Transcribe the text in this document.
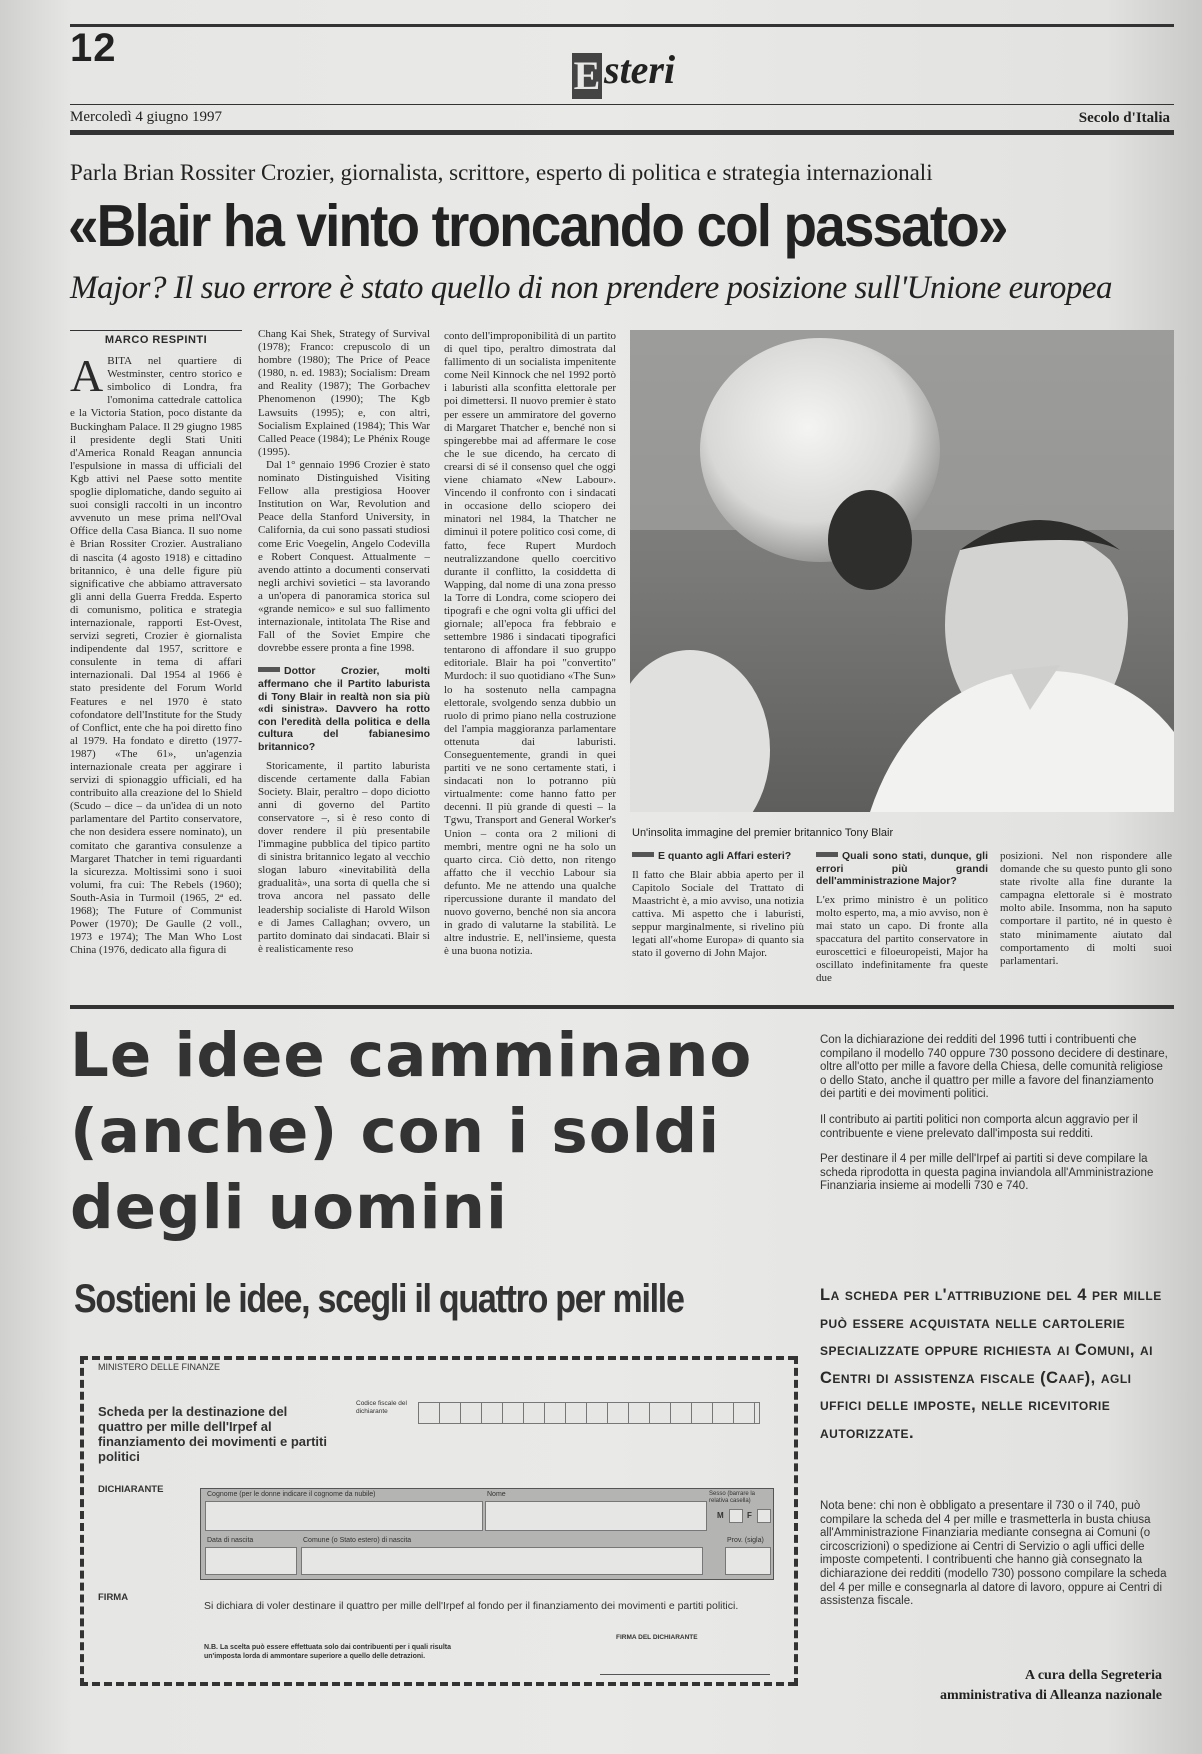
12
Esteri
Mercoledì 4 giugno 1997	Secolo d'Italia
Parla Brian Rossiter Crozier, giornalista, scrittore, esperto di politica e strategia internazionali
«Blair ha vinto troncando col passato»
Major? Il suo errore è stato quello di non prendere posizione sull'Unione europea
MARCO RESPINTI

ABITA nel quartiere di Westminster, centro storico e simbolico di Londra, fra l'omonima cattedrale cattolica e la Victoria Station, poco distante da Buckingham Palace. Il 29 giugno 1985 il presidente degli Stati Uniti d'America Ronald Reagan annuncia l'espulsione in massa di ufficiali del Kgb attivi nel Paese sotto mentite spoglie diplomatiche, dando seguito ai suoi consigli raccolti in un incontro avvenuto un mese prima nell'Oval Office della Casa Bianca. Il suo nome è Brian Rossiter Crozier. Australiano di nascita (4 agosto 1918) e cittadino britannico, è una delle figure più significative che abbiamo attraversato gli anni della Guerra Fredda. Esperto di comunismo, politica e strategia internazionale, rapporti Est-Ovest, servizi segreti, Crozier è giornalista indipendente dal 1957, scrittore e consulente in tema di affari internazionali. Dal 1954 al 1966 è stato presidente del Forum World Features e nel 1970 è stato cofondatore dell'Institute for the Study of Conflict, ente che ha poi diretto fino al 1979. Ha fondato e diretto (1977-1987) «The 61», un'agenzia internazionale creata per aggirare i servizi di spionaggio ufficiali, ed ha contribuito alla creazione del lo Shield (Scudo – dice – da un'idea di un noto parlamentare del Partito conservatore, che non desidera essere nominato), un comitato che garantiva consulenze a Margaret Thatcher in temi riguardanti la sicurezza. Moltissimi sono i suoi volumi, fra cui: The Rebels (1960); South-Asia in Turmoil (1965, 2ª ed. 1968); The Future of Communist Power (1970); De Gaulle (2 voll., 1973 e 1974); The Man Who Lost China (1976, dedicato alla figura di

Chang Kai Shek, Strategy of Survival (1978); Franco: crepuscolo di un hombre (1980); The Price of Peace (1980, n. ed. 1983); Socialism: Dream and Reality (1987); The Gorbachev Phenomenon (1990); The Kgb Lawsuits (1995); e, con altri, Socialism Explained (1984); This War Called Peace (1984); Le Phénix Rouge (1995).

Dal 1° gennaio 1996 Crozier è stato nominato Distinguished Visiting Fellow alla prestigiosa Hoover Institution on War, Revolution and Peace della Stanford University, in California, da cui sono passati studiosi come Eric Voegelin, Angelo Codevilla e Robert Conquest. Attualmente – avendo attinto a documenti conservati negli archivi sovietici – sta lavorando a un'opera di panoramica storica sul «grande nemico» e sul suo fallimento internazionale, intitolata The Rise and Fall of the Soviet Empire che dovrebbe essere pronta a fine 1998.

Dottor Crozier, molti affermano che il Partito laburista di Tony Blair in realtà non sia più «di sinistra». Davvero ha rotto con l'eredità della politica e della cultura del fabianesimo britannico?

Storicamente, il partito laburista discende certamente dalla Fabian Society. Blair, peraltro – dopo diciotto anni di governo del Partito conservatore –, si è reso conto di dover rendere il più presentabile l'immagine pubblica del tipico partito di sinistra britannico legato al vecchio slogan laburo «inevitabilità della gradualità», una sorta di quella che si trova ancora nel passato delle leadership socialiste di Harold Wilson e di James Callaghan; ovvero, un partito dominato dai sindacati. Blair si è realisticamente reso

conto dell'improponibilità di un partito di quel tipo, peraltro dimostrata dal fallimento di un socialista impenitente come Neil Kinnock che nel 1992 portò i laburisti alla sconfitta elettorale per poi dimettersi. Il nuovo premier è stato per essere un ammiratore del governo di Margaret Thatcher e, benché non si spingerebbe mai ad affermare le cose che le sue dicendo, ha cercato di crearsi di sé il consenso quel che oggi viene chiamato «New Labour». Vincendo il confronto con i sindacati in occasione dello sciopero dei minatori nel 1984, la Thatcher ne diminuì il potere politico così come, di fatto, fece Rupert Murdoch neutralizzandone quello coercitivo durante il conflitto, la cosiddetta di Wapping, dal nome di una zona presso la Torre di Londra, come sciopero dei tipografi e che ogni volta gli uffici del giornale; all'epoca fra febbraio e settembre 1986 i sindacati tipografici tentarono di affondare il suo gruppo editoriale. Blair ha poi "convertito" Murdoch: il suo quotidiano «The Sun» lo ha sostenuto nella campagna elettorale, svolgendo senza dubbio un ruolo di primo piano nella costruzione del l'ampia maggioranza parlamentare ottenuta dai laburisti. Conseguentemente, grandi in quei partiti ve ne sono certamente stati, i sindacati non lo potranno più virtualmente: come hanno fatto per decenni. Il più grande di questi – la Tgwu, Transport and General Worker's Union – conta ora 2 milioni di membri, mentre ogni ne ha solo un quarto circa. Ciò detto, non ritengo affatto che il vecchio Labour sia defunto. Me ne attendo una qualche ripercussione durante il mandato del nuovo governo, benché non sia ancora in grado di valutarne la stabilità. Le altre industrie. E, nell'insieme, questa è una buona notizia.

Un'insolita immagine del premier britannico Tony Blair
E quanto agli Affari esteri?

Il fatto che Blair abbia aperto per il Capitolo Sociale del Trattato di Maastricht è, a mio avviso, una notizia cattiva. Mi aspetto che i laburisti, seppur marginalmente, si rivelino più legati all'«home Europa» di quanto sia stato il governo di John Major.

Quali sono stati, dunque, gli errori più grandi dell'amministrazione Major?

L'ex primo ministro è un politico molto esperto, ma, a mio avviso, non è mai stato un capo. Di fronte alla spaccatura del partito conservatore in euroscettici e filoeuropeisti, Major ha oscillato indefinitamente fra queste due

posizioni. Nel non rispondere alle domande che su questo punto gli sono state rivolte alla fine durante la campagna elettorale si è mostrato molto abile. Insomma, non ha saputo comportare il partito, né in questo è stato minimamente aiutato dal comportamento di molti suoi parlamentari.

Le idee camminano
(anche) con i soldi
degli uomini
Sostieni le idee, scegli il quattro per mille

Con la dichiarazione dei redditi del 1996 tutti i contribuenti che compilano il modello 740 oppure 730 possono decidere di destinare, oltre all'otto per mille a favore della Chiesa, delle comunità religiose o dello Stato, anche il quattro per mille a favore del finanziamento dei partiti e dei movimenti politici.

Il contributo ai partiti politici non comporta alcun aggravio per il contribuente e viene prelevato dall'imposta sui redditi.

Per destinare il 4 per mille dell'Irpef ai partiti si deve compilare la scheda riprodotta in questa pagina inviandola all'Amministrazione Finanziaria insieme ai modelli 730 e 740.

La scheda per l'attribuzione del 4 per mille può essere acquistata nelle cartolerie specializzate oppure richiesta ai Comuni, ai Centri di assistenza fiscale (Caaf), agli uffici delle imposte, nelle ricevitorie autorizzate.

Nota bene: chi non è obbligato a presentare il 730 o il 740, può compilare la scheda del 4 per mille e trasmetterla in busta chiusa all'Amministrazione Finanziaria mediante consegna ai Comuni (o circoscrizioni) o spedizione ai Centri di Servizio o agli uffici delle imposte competenti. I contribuenti che hanno già consegnato la dichiarazione dei redditi (modello 730) possono compilare la scheda del 4 per mille e consegnarla al datore di lavoro, oppure ai Centri di assistenza fiscale.

A cura della Segreteria
amministrativa di Alleanza nazionale
MINISTERO DELLE FINANZE
Scheda per la destinazione del quattro per mille dell'Irpef al finanziamento dei movimenti e partiti politici
Codice fiscale del dichiarante
DICHIARANTE	Cognome (per le donne indicare il cognome da nubile)	Nome	Sesso (barrare la relativa casella)
M	F
Data di nascita	Comune (o Stato estero) di nascita	Prov. (sigla)
FIRMA
Si dichiara di voler destinare il quattro per mille dell'Irpef al fondo per il finanziamento dei movimenti e partiti politici.
FIRMA DEL DICHIARANTE
N.B. La scelta può essere effettuata solo dai contribuenti per i quali risulta un'imposta lorda di ammontare superiore a quello delle detrazioni.
